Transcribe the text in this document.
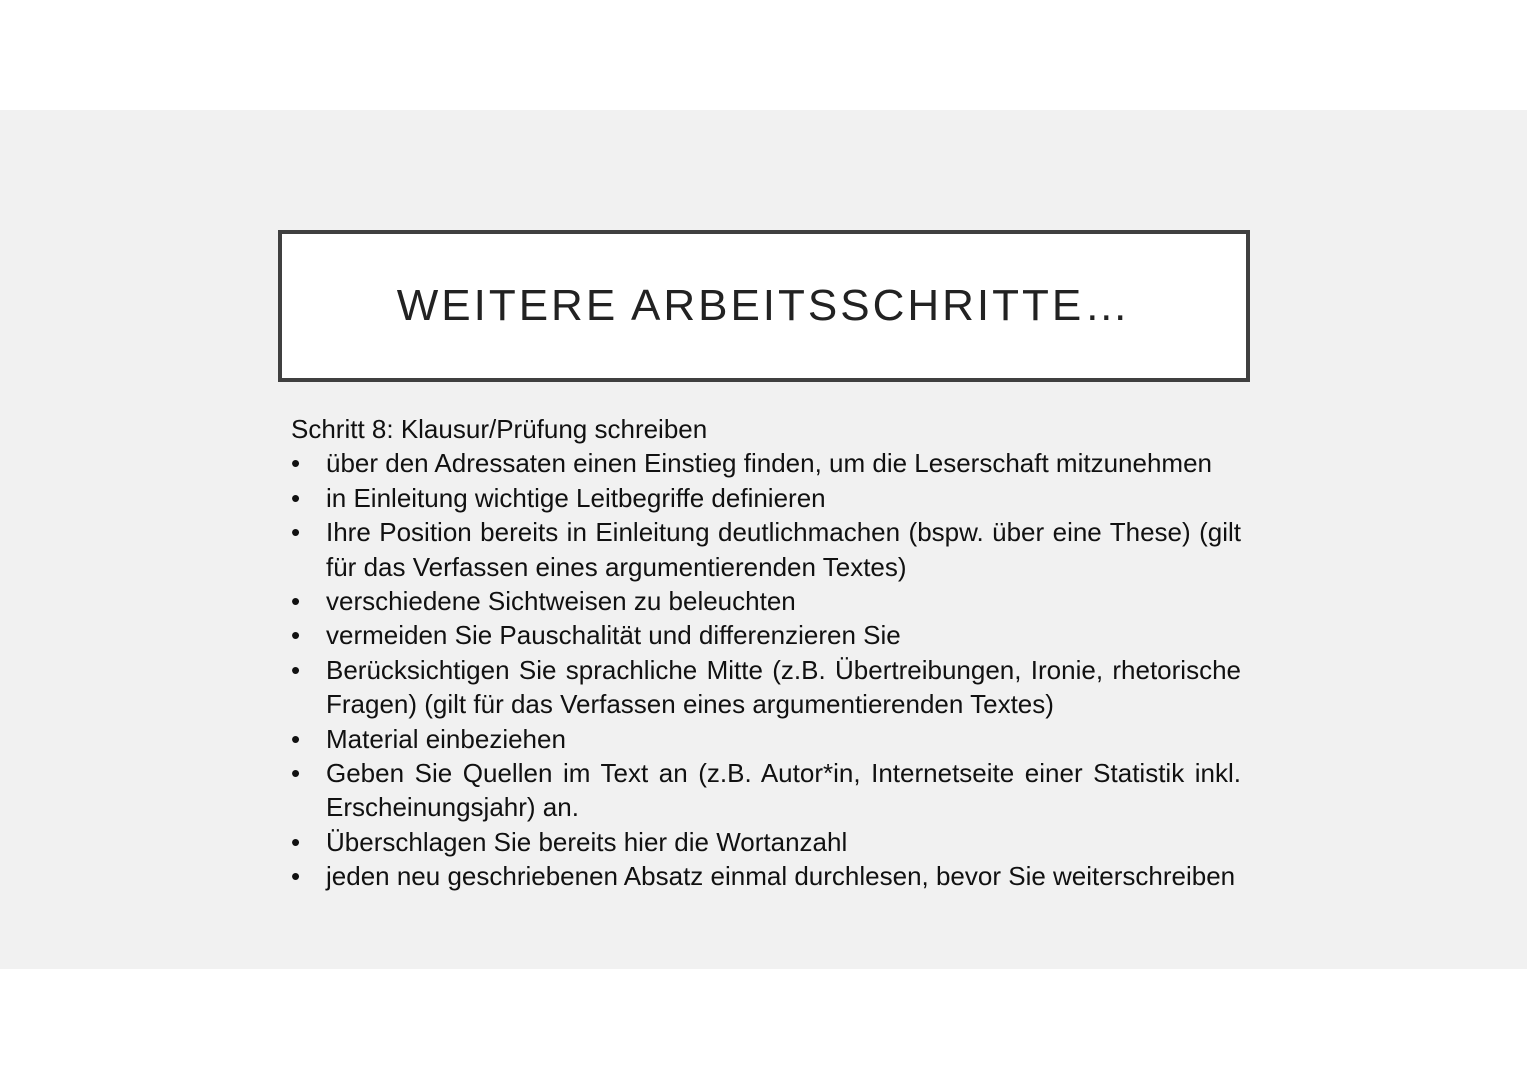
WEITERE ARBEITSSCHRITTE…

Schritt 8: Klausur/Prüfung schreiben

• über den Adressaten einen Einstieg finden, um die Leserschaft mitzunehmen
• in Einleitung wichtige Leitbegriffe definieren
• Ihre Position bereits in Einleitung deutlichmachen (bspw. über eine These) (gilt für das Verfassen eines argumentierenden Textes)
• verschiedene Sichtweisen zu beleuchten
• vermeiden Sie Pauschalität und differenzieren Sie
• Berücksichtigen Sie sprachliche Mitte (z.B. Übertreibungen, Ironie, rhetorische Fragen) (gilt für das Verfassen eines argumentierenden Textes)
• Material einbeziehen
• Geben Sie Quellen im Text an (z.B. Autor*in, Internetseite einer Statistik inkl. Erscheinungsjahr) an.
• Überschlagen Sie bereits hier die Wortanzahl
• jeden neu geschriebenen Absatz einmal durchlesen, bevor Sie weiterschreiben
